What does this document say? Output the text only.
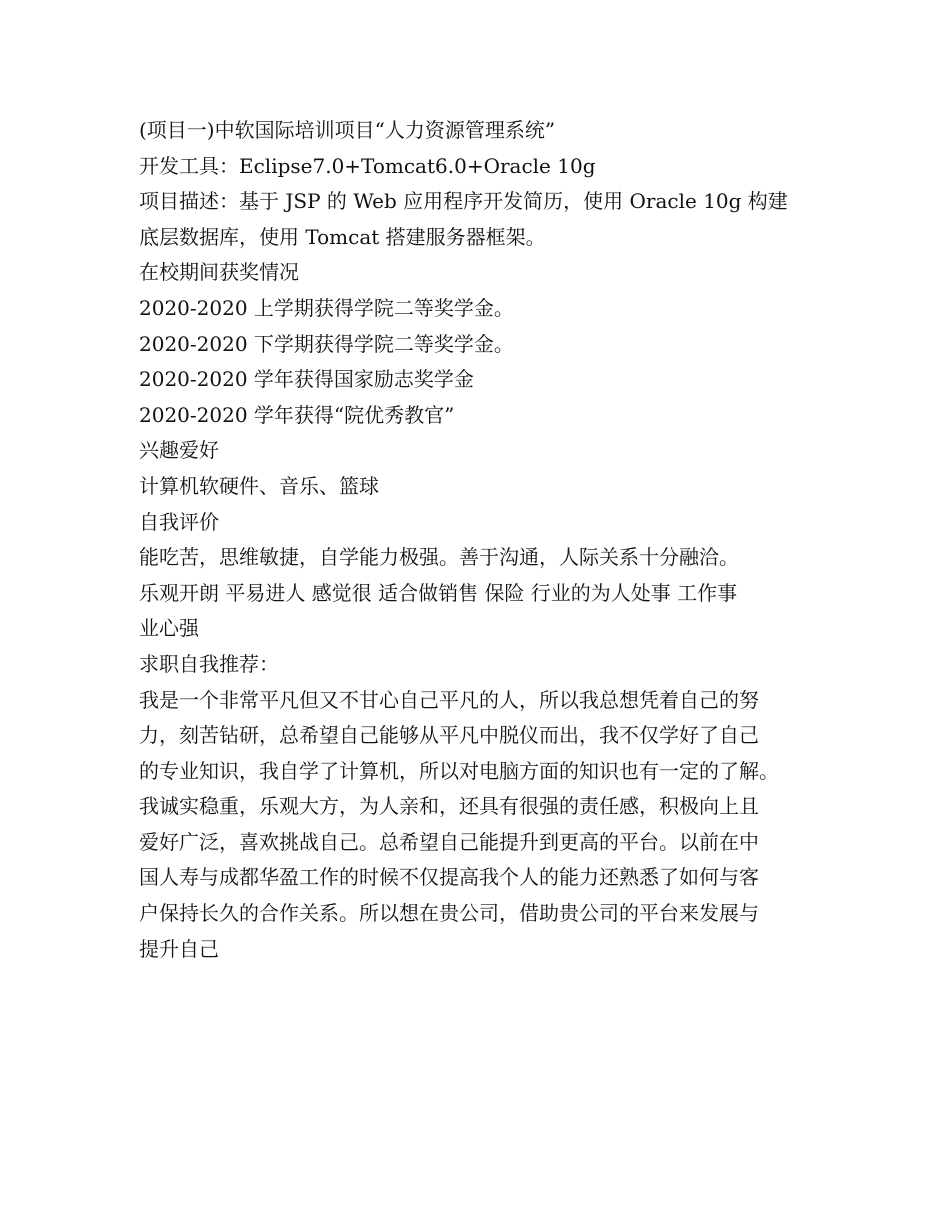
(项目一)中软国际培训项目“人力资源管理系统”
开发工具：Eclipse7.0+Tomcat6.0+Oracle 10g
项目描述：基于 JSP 的 Web 应用程序开发简历，使用 Oracle 10g 构建
底层数据库，使用 Tomcat 搭建服务器框架。
在校期间获奖情况
2020-2020 上学期获得学院二等奖学金。
2020-2020 下学期获得学院二等奖学金。
2020-2020 学年获得国家励志奖学金
2020-2020 学年获得“院优秀教官”
兴趣爱好
计算机软硬件、音乐、篮球
自我评价
能吃苦，思维敏捷，自学能力极强。善于沟通，人际关系十分融洽。
乐观开朗 平易进人 感觉很 适合做销售 保险 行业的为人处事 工作事
业心强
求职自我推荐：
我是一个非常平凡但又不甘心自己平凡的人，所以我总想凭着自己的努
力，刻苦钻研，总希望自己能够从平凡中脱仪而出，我不仅学好了自己
的专业知识，我自学了计算机，所以对电脑方面的知识也有一定的了解。
我诚实稳重，乐观大方，为人亲和，还具有很强的责任感，积极向上且
爱好广泛，喜欢挑战自己。总希望自己能提升到更高的平台。以前在中
国人寿与成都华盈工作的时候不仅提高我个人的能力还熟悉了如何与客
户保持长久的合作关系。所以想在贵公司，借助贵公司的平台来发展与
提升自己
